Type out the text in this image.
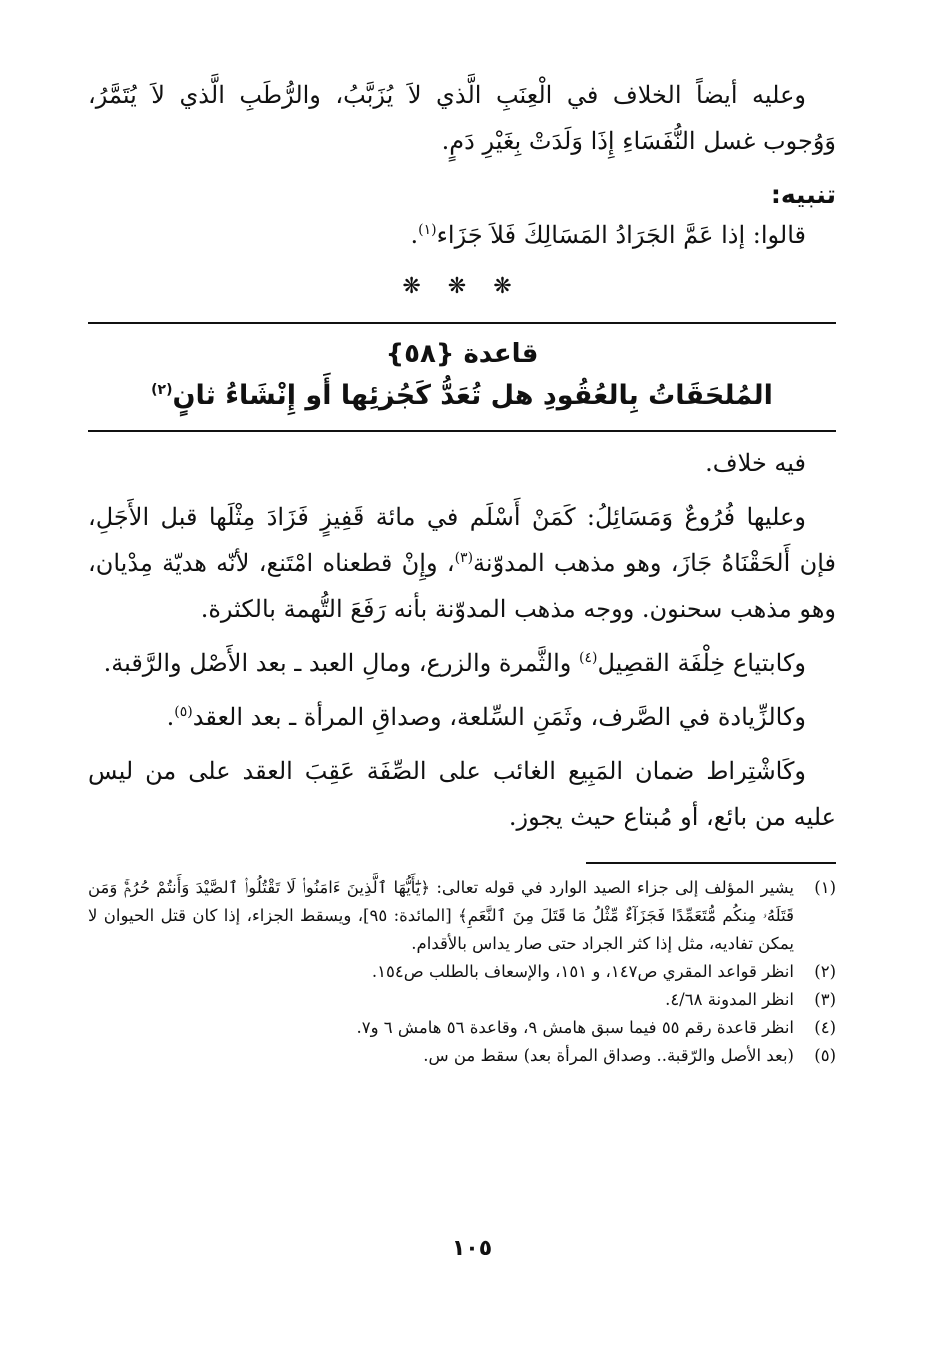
وعليه أيضاً الخلاف في الْعِنَبِ الَّذي لاَ يُزَبَّبُ، والرُّطَبِ الَّذي لاَ يُتَمَّرُ، وَوُجوب غسل النُّفَسَاءِ إِذَا وَلَدَتْ بِغَيْرِ دَمٍ.

تنبيه:

قالوا: إذا عَمَّ الجَرَادُ المَسَالِكَ فَلاَ جَزَاء$^{(١)}$.

❋ ❋ ❋

قاعدة {٥٨}

المُلحَقَاتُ بِالعُقُودِ هل تُعَدُّ كَجُزئِها أَو إِنْشَاءُ ثانٍ$^{(٢)}$

فيه خلاف.

وعليها فُرُوعٌ وَمَسَائِلُ: كَمَنْ أَسْلَم في مائة قَفِيزٍ فَزَادَ مِثْلَها قبل الأَجَلِ، فإن أَلحَقْنَاهُ جَازَ، وهو مذهب المدوّنة$^{(٣)}$، وإِنْ قطعناه امْتَنع، لأنّه هديّة مِدْيان، وهو مذهب سحنون. ووجه مذهب المدوّنة بأنه رَفَعَ التُّهمة بالكثرة.

وكابتياع خِلْفَة القصِيل$^{(٤)}$ والثَّمرة والزرع، ومالِ العبد ـ بعد الأَصْل والرَّقبة.

وكالزِّيادة في الصَّرف، وثَمَنِ السِّلعة، وصداقِ المرأة ـ بعد العقد$^{(٥)}$.

وكَاشْتِراط ضمان المَبِيع الغائب على الصِّفَة عَقِبَ العقد على من ليس عليه من بائع، أو مُبتاع حيث يجوز.

(١)
يشير المؤلف إلى جزاء الصيد الوارد في قوله تعالى: ﴿يَٰٓأَيُّهَا ٱلَّذِينَ ءَامَنُوا۟ لَا تَقْتُلُوا۟ ٱلصَّيْدَ وَأَنتُمْ حُرُمٌۚ وَمَن قَتَلَهُۥ مِنكُم مُّتَعَمِّدًا فَجَزَآءٌ مِّثْلُ مَا قَتَلَ مِنَ ٱلنَّعَمِ﴾ [المائدة: ٩٥]، ويسقط الجزاء، إذا كان قتل الحيوان لا يمكن تفاديه، مثل إذا كثر الجراد حتى صار يداس بالأقدام.
(٢)
انظر قواعد المقري ص١٤٧، و ١٥١، والإسعاف بالطلب ص١٥٤.
(٣)
انظر المدونة ٤/٦٨.
(٤)
انظر قاعدة رقم ٥٥ فيما سبق هامش ٩، وقاعدة ٥٦ هامش ٦ و٧.
(٥)
(بعد الأصل والرّقبة.. وصداق المرأة بعد) سقط من س.
١٠٥
